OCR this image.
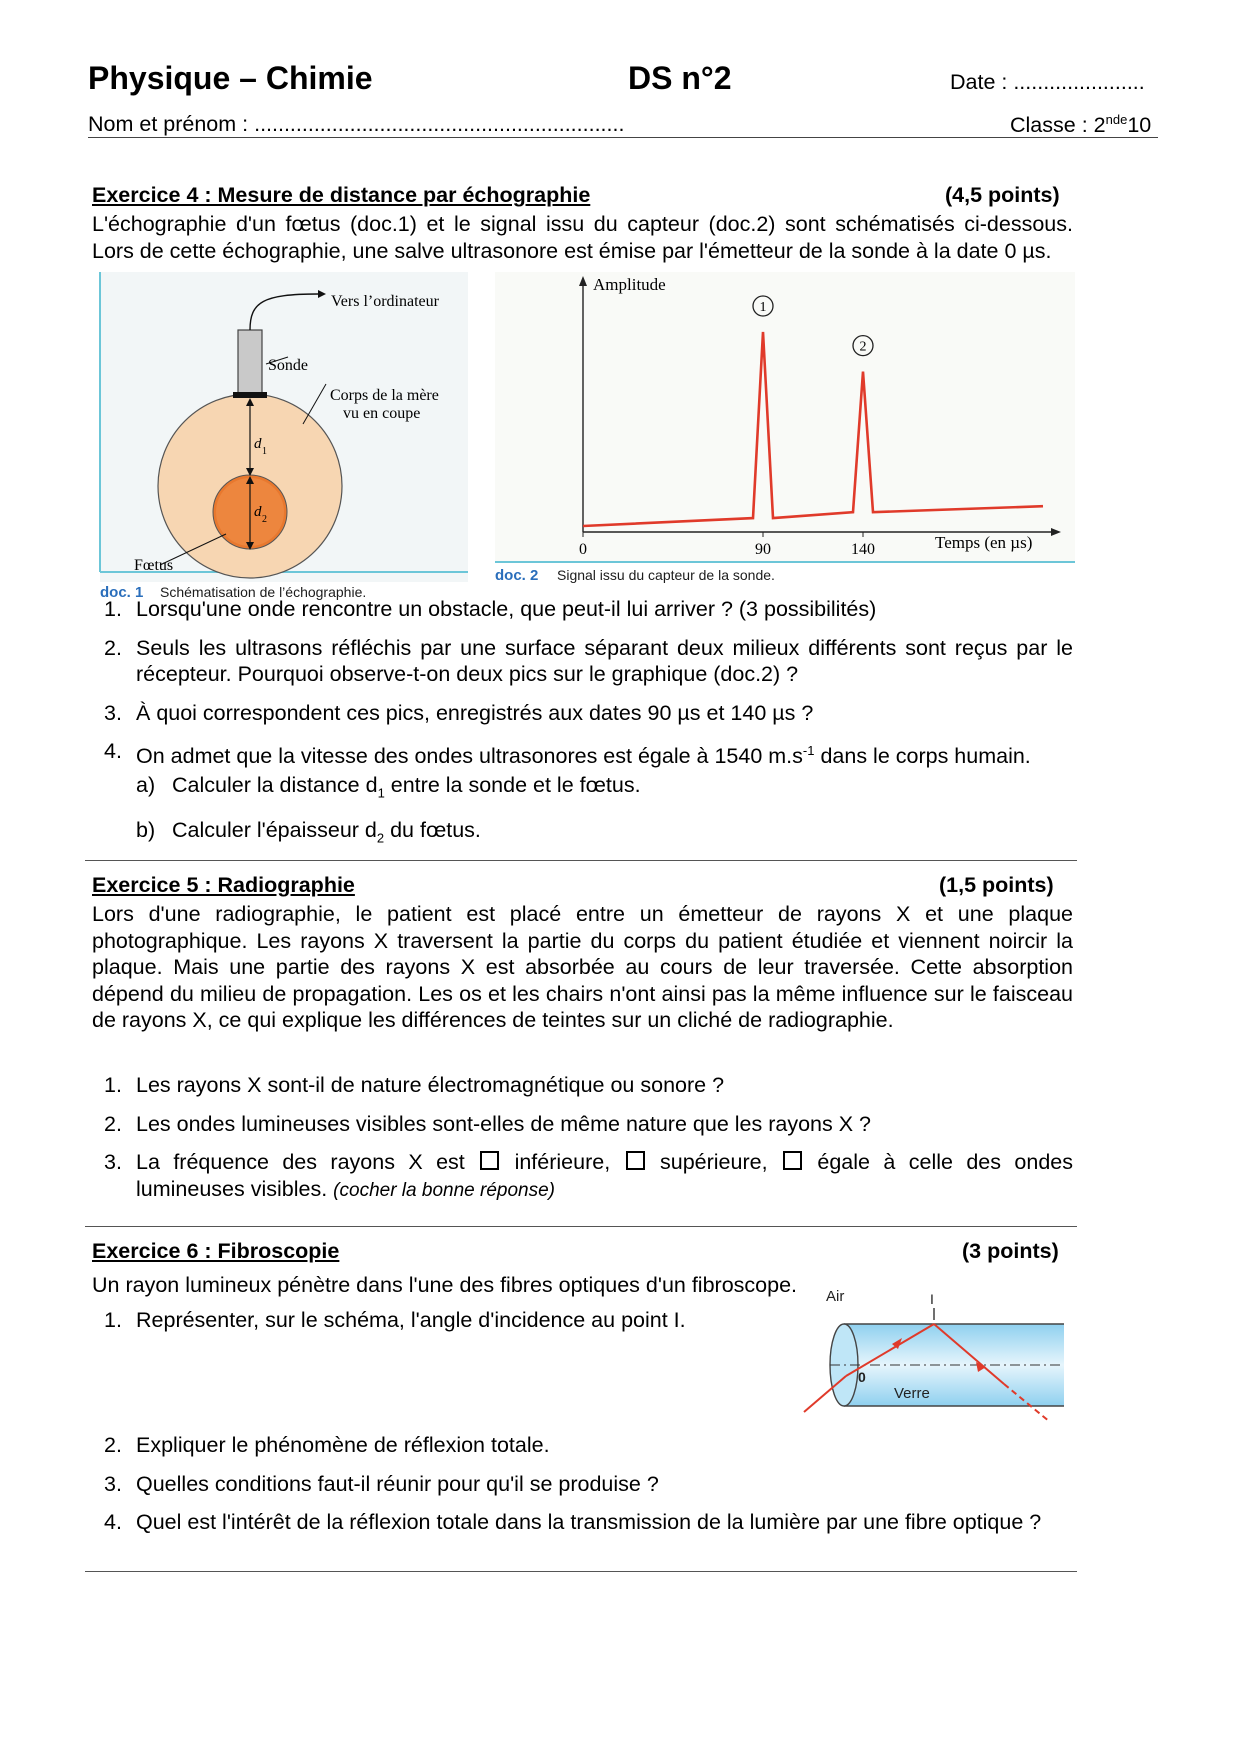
Physique – Chimie	DS n°2	Date : ......................
Nom et prénom : ..............................................................	Classe : 2nde10
Exercice 4 : Mesure de distance par échographie	(4,5 points)
L'échographie d'un fœtus (doc.1) et le signal issu du capteur (doc.2) sont schématisés ci-dessous. Lors de cette échographie, une salve ultrasonore est émise par l'émetteur de la sonde à la date 0 µs.
Vers l’ordinateur
Sonde
Corps de la mère
vu en coupe
d 1
d 2
Fœtus
doc. 1 Schématisation de l’échographie.
Amplitude
Temps (en µs)
0	90	140
1
2
doc. 2 Signal issu du capteur de la sonde.
1. Lorsqu'une onde rencontre un obstacle, que peut-il lui arriver ? (3 possibilités)
2. Seuls les ultrasons réfléchis par une surface séparant deux milieux différents sont reçus par le récepteur. Pourquoi observe-t-on deux pics sur le graphique (doc.2) ?
3. À quoi correspondent ces pics, enregistrés aux dates 90 µs et 140 µs ?
4. On admet que la vitesse des ondes ultrasonores est égale à 1540 $m.s^{-1}$ dans le corps humain.
a) Calculer la distance $d_1$ entre la sonde et le fœtus.
b) Calculer l'épaisseur $d_2$ du fœtus.
Exercice 5 : Radiographie	(1,5 points)
Lors d'une radiographie, le patient est placé entre un émetteur de rayons X et une plaque photographique. Les rayons X traversent la partie du corps du patient étudiée et viennent noircir la plaque. Mais une partie des rayons X est absorbée au cours de leur traversée. Cette absorption dépend du milieu de propagation. Les os et les chairs n'ont ainsi pas la même influence sur le faisceau de rayons X, ce qui explique les différences de teintes sur un cliché de radiographie.
1. Les rayons X sont-il de nature électromagnétique ou sonore ?
2. Les ondes lumineuses visibles sont-elles de même nature que les rayons X ?
3. La fréquence des rayons X est  inférieure,  supérieure,  égale à celle des ondes lumineuses visibles. (cocher la bonne réponse)
Exercice 6 : Fibroscopie	(3 points)
Un rayon lumineux pénètre dans l'une des fibres optiques d'un fibroscope.	Air	I
0
Verre
1. Représenter, sur le schéma, l'angle d'incidence au point I.
2. Expliquer le phénomène de réflexion totale.
3. Quelles conditions faut-il réunir pour qu'il se produise ?
4. Quel est l'intérêt de la réflexion totale dans la transmission de la lumière par une fibre optique ?
